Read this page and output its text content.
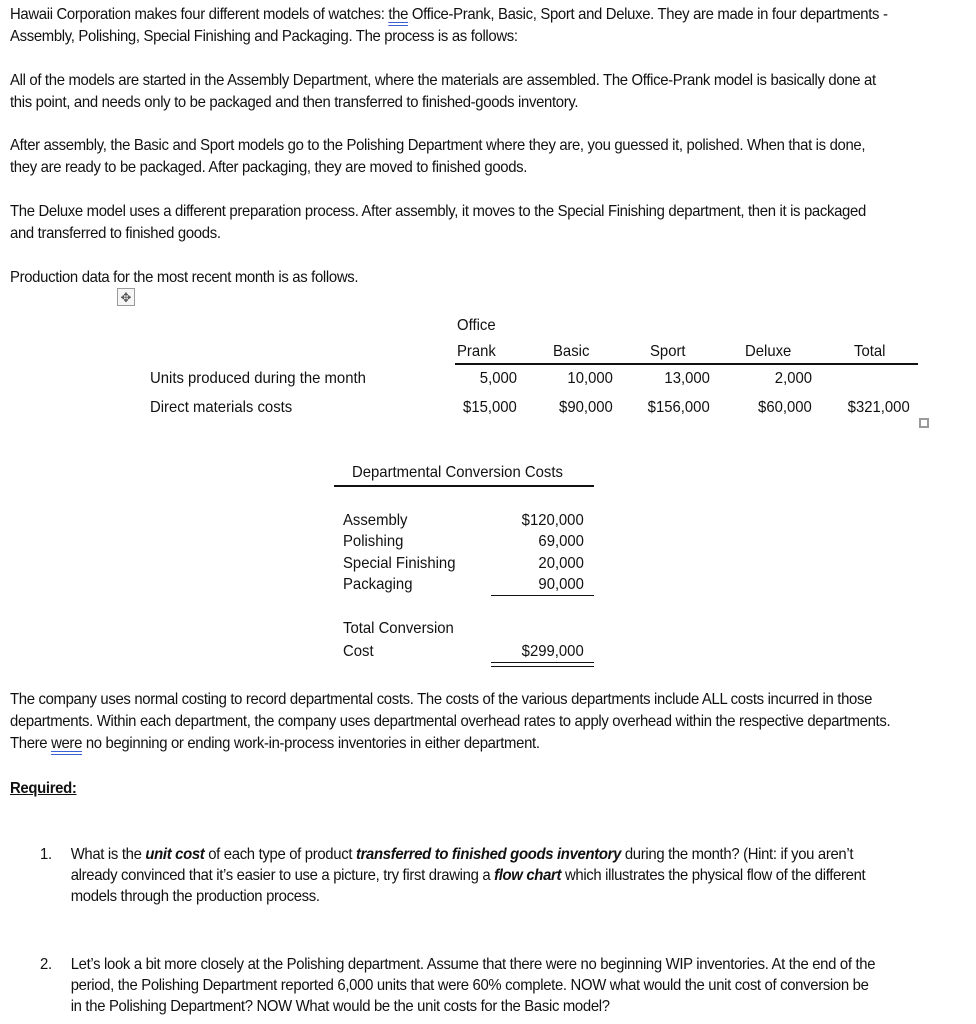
Hawaii Corporation makes four different models of watches: the Office-Prank, Basic, Sport and Deluxe. They are made in four departments - Assembly, Polishing, Special Finishing and Packaging. The process is as follows:

All of the models are started in the Assembly Department, where the materials are assembled. The Office-Prank model is basically done at this point, and needs only to be packaged and then transferred to finished-goods inventory.
After assembly, the Basic and Sport models go to the Polishing Department where they are, you guessed it, polished. When that is done, they are ready to be packaged. After packaging, they are moved to finished goods.
The Deluxe model uses a different preparation process. After assembly, it moves to the Special Finishing department, then it is packaged and transferred to finished goods.
Production data for the most recent month is as follows.
✥
Office
Prank	Basic	Sport	Deluxe	Total
Units produced during the month	5,000	10,000	13,000	2,000
Direct materials costs	$15,000	$90,000 $156,000	$60,000 $321,000
Departmental Conversion Costs
Assembly	$120,000
Polishing	69,000
Special Finishing	20,000
Packaging	90,000
Total Conversion
Cost	$299,000

The company uses normal costing to record departmental costs. The costs of the various departments include ALL costs incurred in those departments. Within each department, the company uses departmental overhead rates to apply overhead within the respective departments. There were no beginning or ending work-in-process inventories in either department.

Required:
1. What is the unit cost of each type of product transferred to finished goods inventory during the month? (Hint: if you aren’t already convinced that it’s easier to use a picture, try first drawing a flow chart which illustrates the physical flow of the different models through the production process.
2. Let’s look a bit more closely at the Polishing department. Assume that there were no beginning WIP inventories. At the end of the period, the Polishing Department reported 6,000 units that were 60% complete. NOW what would the unit cost of conversion be in the Polishing Department? NOW What would be the unit costs for the Basic model?
